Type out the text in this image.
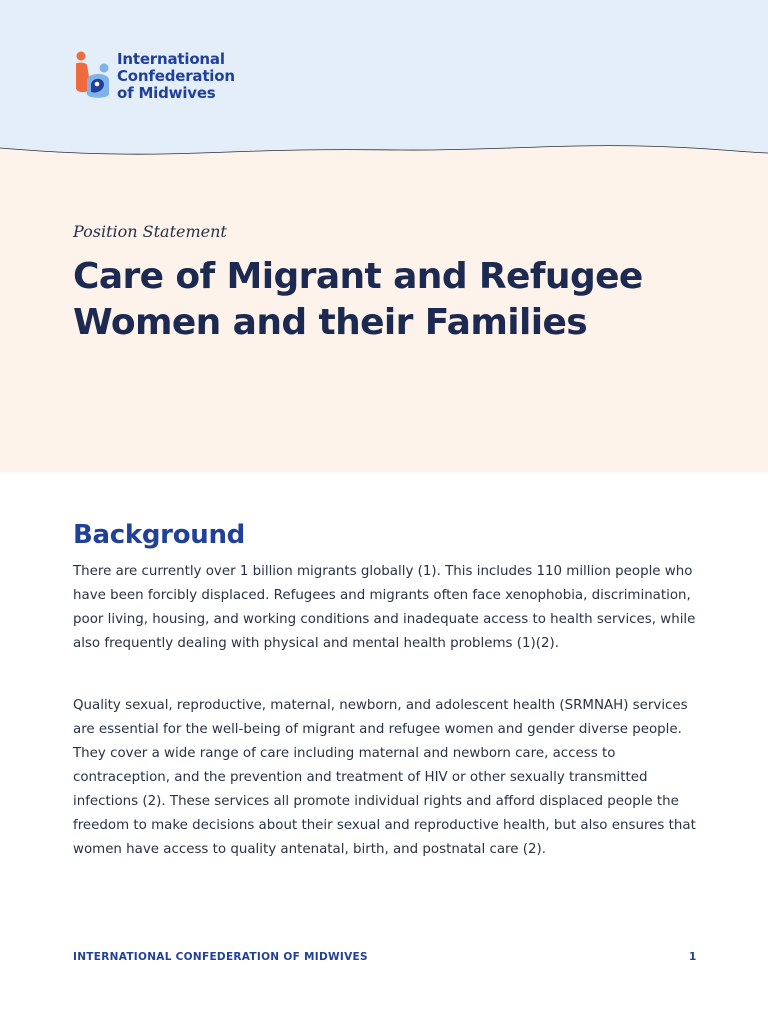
International
Confederation
of Midwives
Position Statement
Care of Migrant and Refugee
Women and their Families
Background

There are currently over 1 billion migrants globally (1). This includes 110 million people who have been forcibly displaced. Refugees and migrants often face xenophobia, discrimination, poor living, housing, and working conditions and inadequate access to health services, while also frequently dealing with physical and mental health problems (1)(2).

Quality sexual, reproductive, maternal, newborn, and adolescent health (SRMNAH) services are essential for the well-being of migrant and refugee women and gender diverse people. They cover a wide range of care including maternal and newborn care, access to contraception, and the prevention and treatment of HIV or other sexually transmitted infections (2). These services all promote individual rights and afford displaced people the freedom to make decisions about their sexual and reproductive health, but also ensures that women have access to quality antenatal, birth, and postnatal care (2).

INTERNATIONAL CONFEDERATION OF MIDWIVES	1
